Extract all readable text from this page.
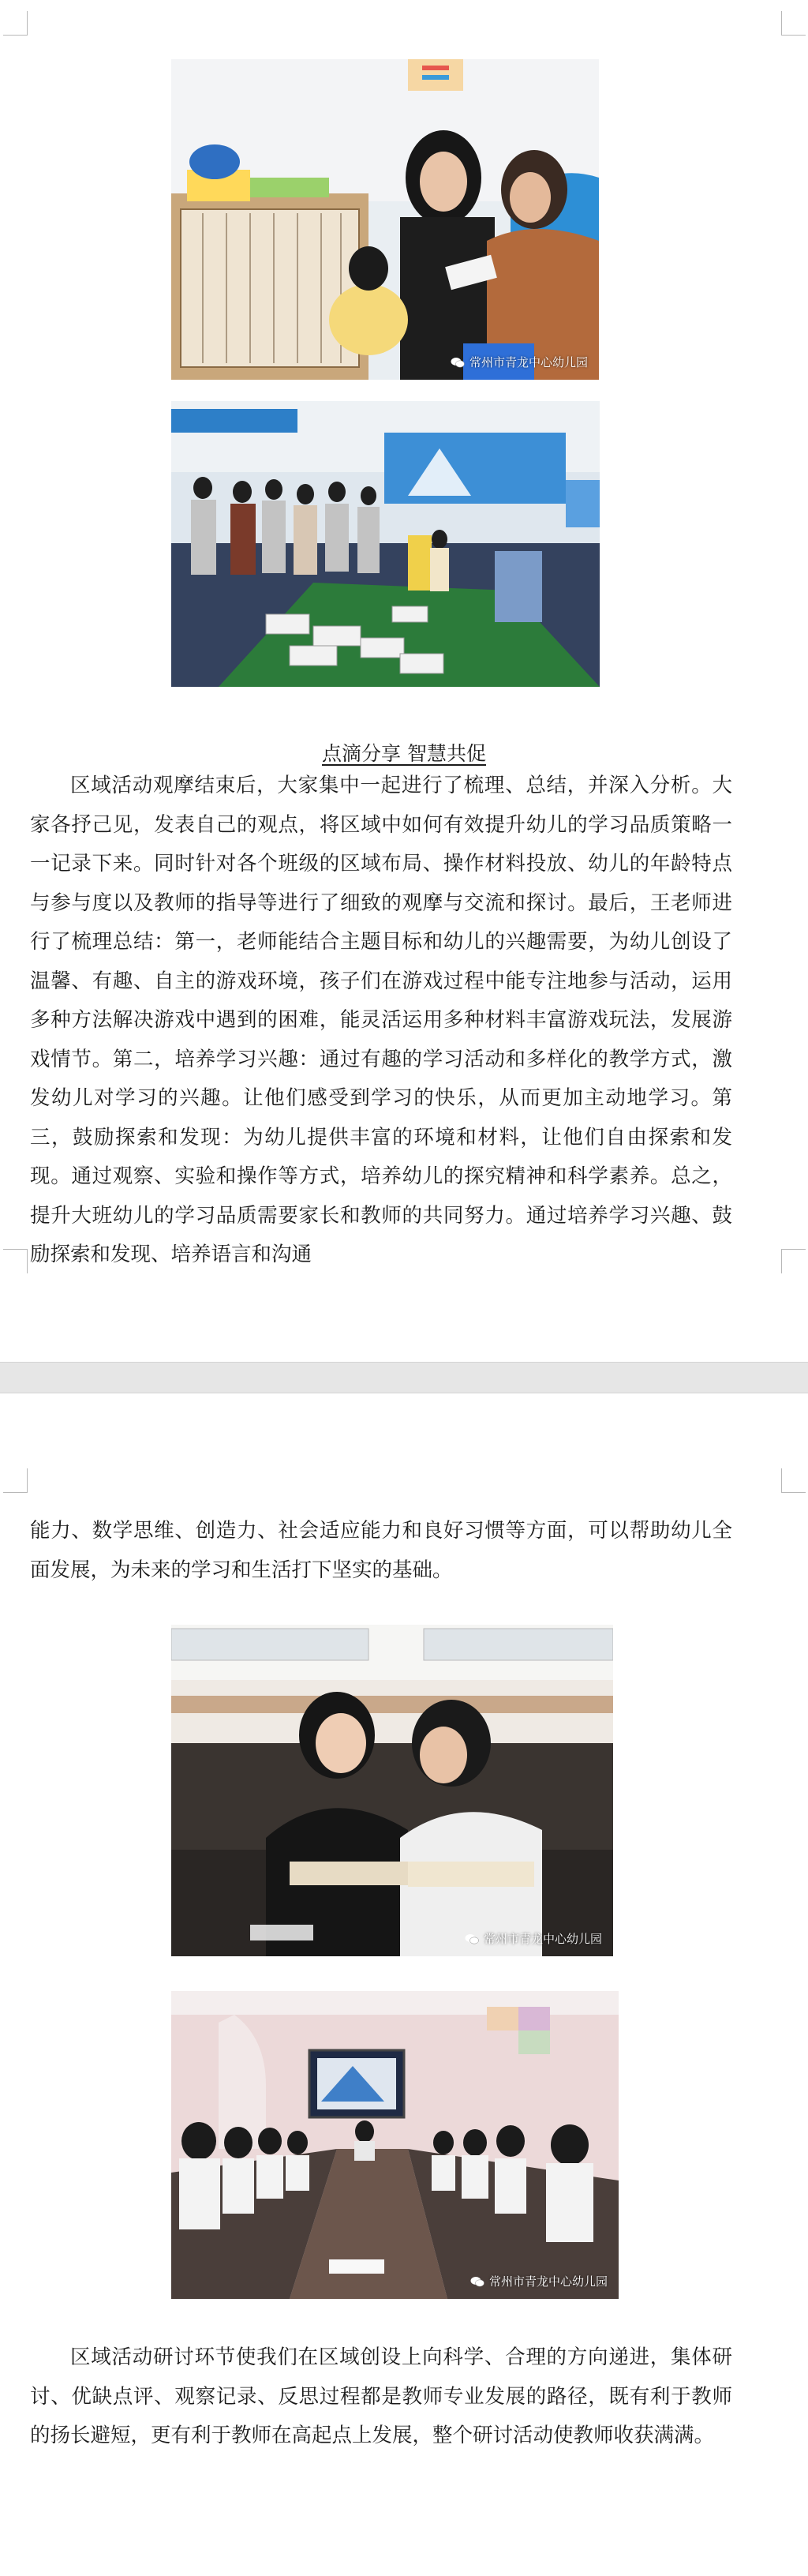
常州市青龙中心幼儿园
点滴分享 智慧共促

区域活动观摩结束后，大家集中一起进行了梳理、总结，并深入分析。大家各抒己见，发表自己的观点，将区域中如何有效提升幼儿的学习品质策略一一记录下来。同时针对各个班级的区域布局、操作材料投放、幼儿的年龄特点与参与度以及教师的指导等进行了细致的观摩与交流和探讨。最后，王老师进行了梳理总结：第一，老师能结合主题目标和幼儿的兴趣需要，为幼儿创设了温馨、有趣、自主的游戏环境，孩子们在游戏过程中能专注地参与活动，运用多种方法解决游戏中遇到的困难，能灵活运用多种材料丰富游戏玩法，发展游戏情节。第二，培养学习兴趣：通过有趣的学习活动和多样化的教学方式，激发幼儿对学习的兴趣。让他们感受到学习的快乐，从而更加主动地学习。第三，鼓励探索和发现：为幼儿提供丰富的环境和材料，让他们自由探索和发现。通过观察、实验和操作等方式，培养幼儿的探究精神和科学素养。总之，提升大班幼儿的学习品质需要家长和教师的共同努力。通过培养学习兴趣、鼓励探索和发现、培养语言和沟通

能力、数学思维、创造力、社会适应能力和良好习惯等方面，可以帮助幼儿全面发展，为未来的学习和生活打下坚实的基础。

常州市青龙中心幼儿园
常州市青龙中心幼儿园

区域活动研讨环节使我们在区域创设上向科学、合理的方向递进，集体研讨、优缺点评、观察记录、反思过程都是教师专业发展的路径，既有利于教师的扬长避短，更有利于教师在高起点上发展，整个研讨活动使教师收获满满。
